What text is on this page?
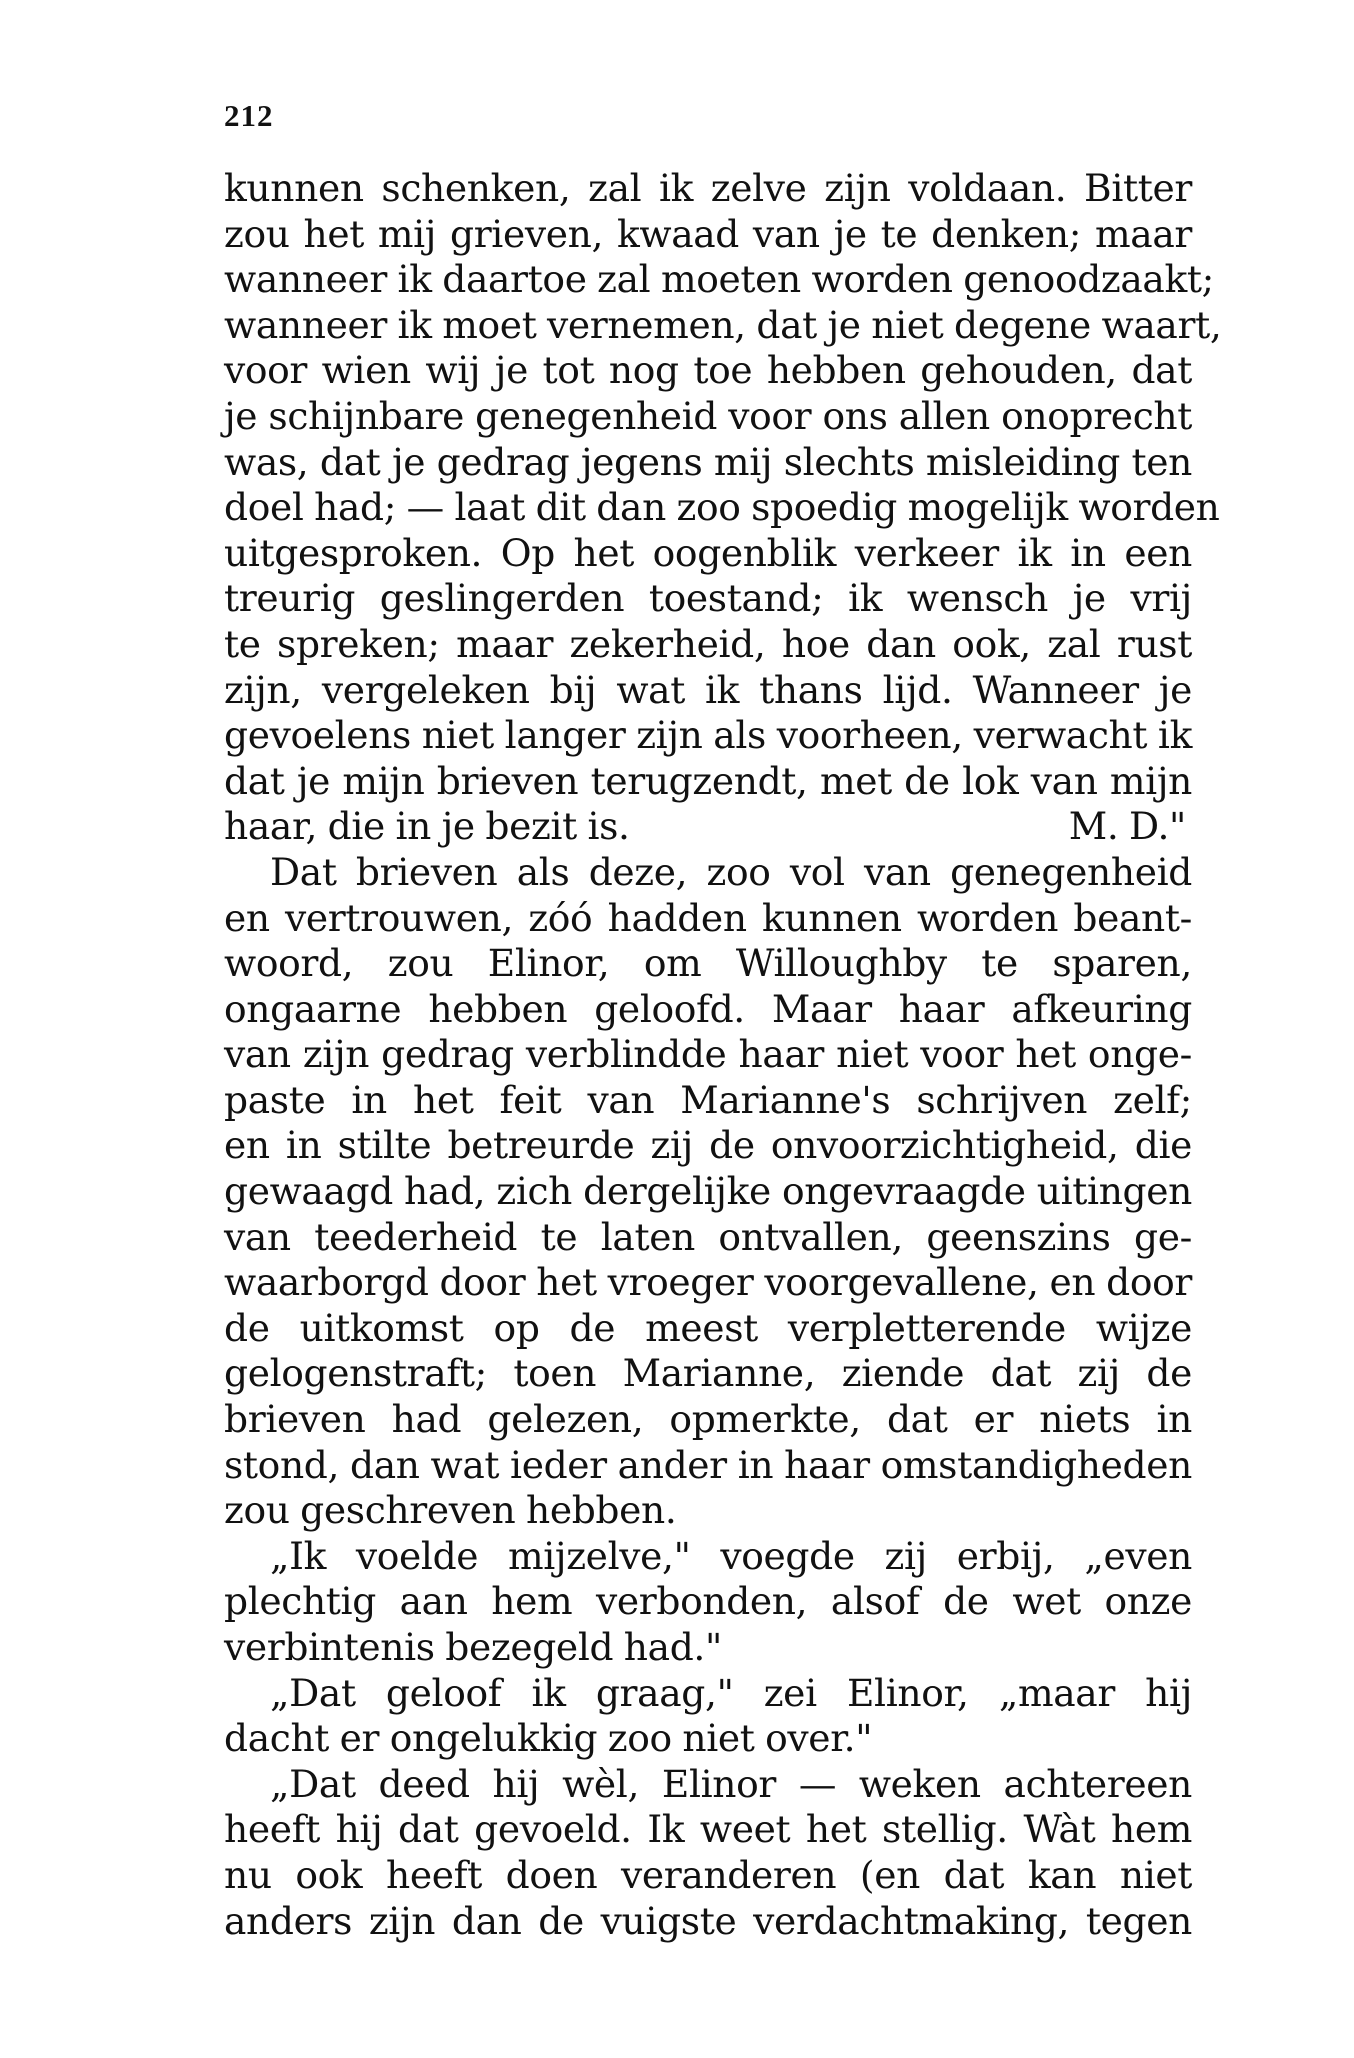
212
kunnen schenken, zal ik zelve zijn voldaan. Bitter
zou het mij grieven, kwaad van je te denken; maar
wanneer ik daartoe zal moeten worden genoodzaakt;
wanneer ik moet vernemen, dat je niet degene waart,
voor wien wij je tot nog toe hebben gehouden, dat
je schijnbare genegenheid voor ons allen onoprecht
was, dat je gedrag jegens mij slechts misleiding ten
doel had; — laat dit dan zoo spoedig mogelijk worden
uitgesproken. Op het oogenblik verkeer ik in een
treurig geslingerden toestand; ik wensch je vrij
te spreken; maar zekerheid, hoe dan ook, zal rust
zijn, vergeleken bij wat ik thans lijd. Wanneer je
gevoelens niet langer zijn als voorheen, verwacht ik
dat je mijn brieven terugzendt, met de lok van mijn
haar, die in je bezit is.	M. D."
Dat brieven als deze, zoo vol van genegenheid
en vertrouwen, zóó hadden kunnen worden beant-
woord, zou Elinor, om Willoughby te sparen,
ongaarne hebben geloofd. Maar haar afkeuring
van zijn gedrag verblindde haar niet voor het onge-
paste in het feit van Marianne's schrijven zelf;
en in stilte betreurde zij de onvoorzichtigheid, die
gewaagd had, zich dergelijke ongevraagde uitingen
van teederheid te laten ontvallen, geenszins ge-
waarborgd door het vroeger voorgevallene, en door
de uitkomst op de meest verpletterende wijze
gelogenstraft; toen Marianne, ziende dat zij de
brieven had gelezen, opmerkte, dat er niets in
stond, dan wat ieder ander in haar omstandigheden
zou geschreven hebben.
„Ik voelde mijzelve," voegde zij erbij, „even
plechtig aan hem verbonden, alsof de wet onze
verbintenis bezegeld had."
„Dat geloof ik graag," zei Elinor, „maar hij
dacht er ongelukkig zoo niet over."
„Dat deed hij wèl, Elinor — weken achtereen
heeft hij dat gevoeld. Ik weet het stellig. Wàt hem
nu ook heeft doen veranderen (en dat kan niet
anders zijn dan de vuigste verdachtmaking, tegen
